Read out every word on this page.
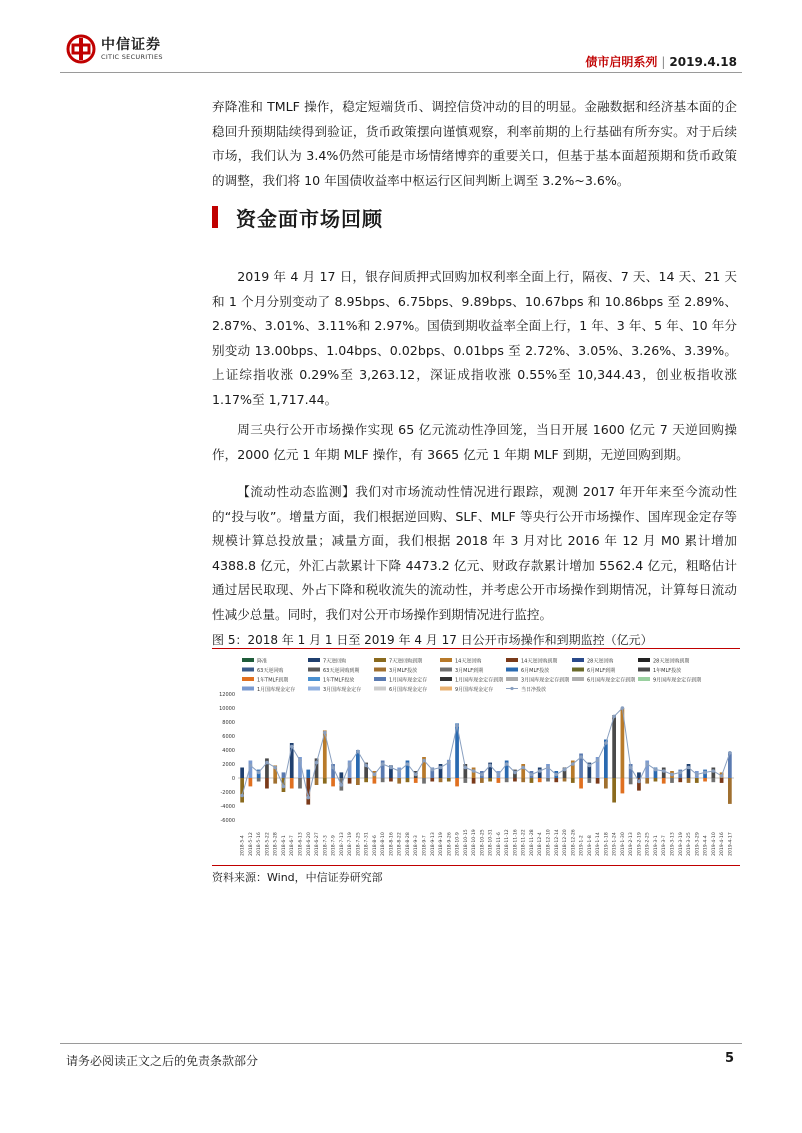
中信证券
CITIC SECURITIES	债市启明系列 | 2019.4.18

弃降准和 TMLF 操作，稳定短端货币、调控信贷冲动的目的明显。金融数据和经济基本面的企稳回升预期陆续得到验证，货币政策摆向谨慎观察，利率前期的上行基础有所夯实。对于后续市场，我们认为 3.4%仍然可能是市场情绪博弈的重要关口，但基于基本面超预期和货币政策的调整，我们将 10 年国债收益率中枢运行区间判断上调至 3.2%~3.6%。

资金面市场回顾

2019 年 4 月 17 日，银存间质押式回购加权利率全面上行，隔夜、7 天、14 天、21 天和 1 个月分别变动了 8.95bps、6.75bps、9.89bps、10.67bps 和 10.86bps 至 2.89%、2.87%、3.01%、3.11%和 2.97%。国债到期收益率全面上行，1 年、3 年、5 年、10 年分别变动 13.00bps、1.04bps、0.02bps、0.01bps 至 2.72%、3.05%、3.26%、3.39%。上证综指收涨 0.29%至 3,263.12，深证成指收涨 0.55%至 10,344.43，创业板指收涨 1.17%至 1,717.44。

周三央行公开市场操作实现 65 亿元流动性净回笼，当日开展 1600 亿元 7 天逆回购操作，2000 亿元 1 年期 MLF 操作，有 3665 亿元 1 年期 MLF 到期，无逆回购到期。

【流动性动态监测】我们对市场流动性情况进行跟踪，观测 2017 年开年来至今流动性的“投与收”。增量方面，我们根据逆回购、SLF、MLF 等央行公开市场操作、国库现金定存等规模计算总投放量；减量方面，我们根据 2018 年 3 月对比 2016 年 12 月 M0 累计增加 4388.8 亿元，外汇占款累计下降 4473.2 亿元、财政存款累计增加 5562.4 亿元，粗略估计通过居民取现、外占下降和税收流失的流动性，并考虑公开市场操作到期情况，计算每日流动性减少总量。同时，我们对公开市场操作到期情况进行监控。

图 5：2018 年 1 月 1 日至 2019 年 4 月 17 日公开市场操作和到期监控（亿元）
降准	7天逆回购	7天逆回购到期	14天逆回购	14天逆回购到期	28天逆回购	28天逆回购到期
63天逆回购	63天逆回购到期	3月MLF投放	3月MLF到期	6月MLF投放	6月MLF到期	1年MLF投放
1年TMLF到期	1年TMLF投放	1月国库现金定存	1月国库现金定存到期	3月国库现金定存到期	6月国库现金定存到期	9月国库现金定存到期
1月国库现金定存	3月国库现金定存	6月国库现金定存	9月国库现金定存	当日净投放
12000
10000
8000
6000
4000
2000
0
-2000
-4000
-6000
2018-5-4 2018-5-12 2018-5-16 2018-5-22 2018-5-28 2018-6-1 2018-6-7 2018-6-13 2018-6-20 2018-6-27 2018-7-3 2018-7-9 2018-7-13 2018-7-19 2018-7-25 2018-7-31 2018-8-6 2018-8-10 2018-8-16 2018-8-22 2018-8-28 2018-9-3 2018-9-7 2018-9-13 2018-9-19 2018-9-26 2018-10-9 2018-10-15 2018-10-19 2018-10-25 2018-10-31 2018-11-6 2018-11-12 2018-11-16 2018-11-22 2018-11-28 2018-12-4 2018-12-10 2018-12-14 2018-12-20 2018-12-26 2019-1-2 2019-1-8 2019-1-14 2019-1-18 2019-1-24 2019-1-30 2019-2-13 2019-2-19 2019-2-25 2019-3-1 2019-3-7 2019-3-13 2019-3-19 2019-3-25 2019-3-29 2019-4-4 2019-4-10 2019-4-16 2019-4-17
资料来源：Wind，中信证券研究部
请务必阅读正文之后的免责条款部分	5
